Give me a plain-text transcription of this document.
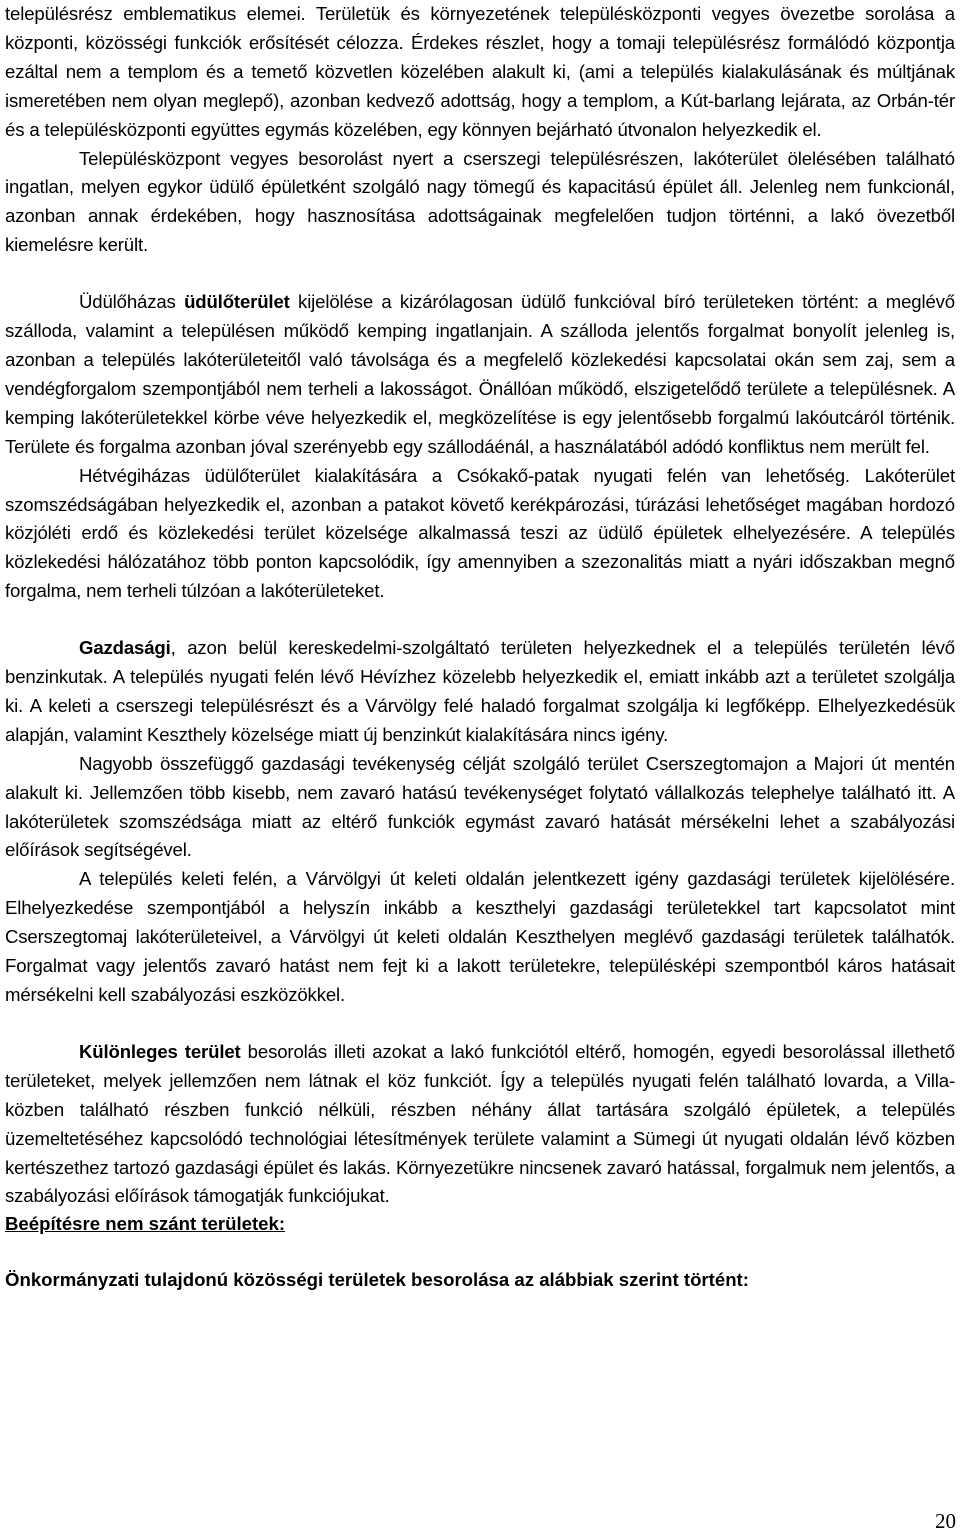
településrész emblematikus elemei. Területük és környezetének településközponti vegyes övezetbe sorolása a központi, közösségi funkciók erősítését célozza. Érdekes részlet, hogy a tomaji településrész formálódó központja ezáltal nem a templom és a temető közvetlen közelében alakult ki, (ami a település kialakulásának és múltjának ismeretében nem olyan meglepő), azonban kedvező adottság, hogy a templom, a Kút-barlang lejárata, az Orbán-tér és a településközponti együttes egymás közelében, egy könnyen bejárható útvonalon helyezkedik el.

Településközpont vegyes besorolást nyert a cserszegi településrészen, lakóterület ölelésében található ingatlan, melyen egykor üdülő épületként szolgáló nagy tömegű és kapacitású épület áll. Jelenleg nem funkcionál, azonban annak érdekében, hogy hasznosítása adottságainak megfelelően tudjon történni, a lakó övezetből kiemelésre került.

Üdülőházas üdülőterület kijelölése a kizárólagosan üdülő funkcióval bíró területeken történt: a meglévő szálloda, valamint a településen működő kemping ingatlanjain. A szálloda jelentős forgalmat bonyolít jelenleg is, azonban a település lakóterületeitől való távolsága és a megfelelő közlekedési kapcsolatai okán sem zaj, sem a vendégforgalom szempontjából nem terheli a lakosságot. Önállóan működő, elszigetelődő területe a településnek. A kemping lakóterületekkel körbe véve helyezkedik el, megközelítése is egy jelentősebb forgalmú lakóutcáról történik. Területe és forgalma azonban jóval szerényebb egy szállodáénál, a használatából adódó konfliktus nem merült fel.

Hétvégiházas üdülőterület kialakítására a Csókakő-patak nyugati felén van lehetőség. Lakóterület szomszédságában helyezkedik el, azonban a patakot követő kerékpározási, túrázási lehetőséget magában hordozó közjóléti erdő és közlekedési terület közelsége alkalmassá teszi az üdülő épületek elhelyezésére. A település közlekedési hálózatához több ponton kapcsolódik, így amennyiben a szezonalitás miatt a nyári időszakban megnő forgalma, nem terheli túlzóan a lakóterületeket.

Gazdasági, azon belül kereskedelmi-szolgáltató területen helyezkednek el a település területén lévő benzinkutak. A település nyugati felén lévő Hévízhez közelebb helyezkedik el, emiatt inkább azt a területet szolgálja ki. A keleti a cserszegi településrészt és a Várvölgy felé haladó forgalmat szolgálja ki legfőképp. Elhelyezkedésük alapján, valamint Keszthely közelsége miatt új benzinkút kialakítására nincs igény.

Nagyobb összefüggő gazdasági tevékenység célját szolgáló terület Cserszegtomajon a Majori út mentén alakult ki. Jellemzően több kisebb, nem zavaró hatású tevékenységet folytató vállalkozás telephelye található itt. A lakóterületek szomszédsága miatt az eltérő funkciók egymást zavaró hatását mérsékelni lehet a szabályozási előírások segítségével.

A település keleti felén, a Várvölgyi út keleti oldalán jelentkezett igény gazdasági területek kijelölésére. Elhelyezkedése szempontjából a helyszín inkább a keszthelyi gazdasági területekkel tart kapcsolatot mint Cserszegtomaj lakóterületeivel, a Várvölgyi út keleti oldalán Keszthelyen meglévő gazdasági területek találhatók. Forgalmat vagy jelentős zavaró hatást nem fejt ki a lakott területekre, településképi szempontból káros hatásait mérsékelni kell szabályozási eszközökkel.

Különleges terület besorolás illeti azokat a lakó funkciótól eltérő, homogén, egyedi besorolással illethető területeket, melyek jellemzően nem látnak el köz funkciót. Így a település nyugati felén található lovarda, a Villa-közben található részben funkció nélküli, részben néhány állat tartására szolgáló épületek, a település üzemeltetéséhez kapcsolódó technológiai létesítmények területe valamint a Sümegi út nyugati oldalán lévő közben kertészethez tartozó gazdasági épület és lakás. Környezetükre nincsenek zavaró hatással, forgalmuk nem jelentős, a szabályozási előírások támogatják funkciójukat.

Beépítésre nem szánt területek:
Önkormányzati tulajdonú közösségi területek besorolása az alábbiak szerint történt:
20
